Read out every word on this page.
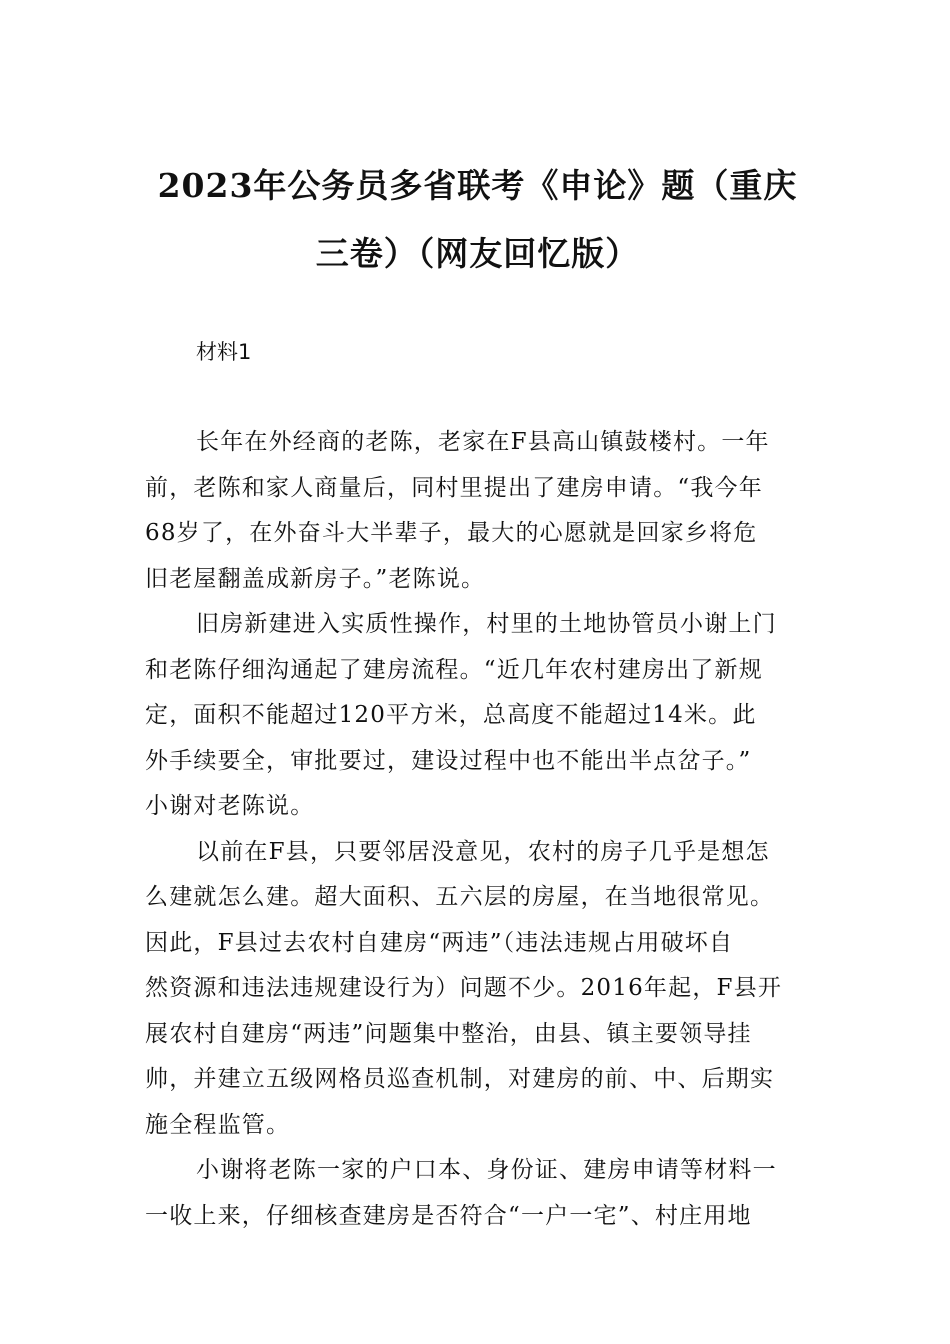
2023年公务员多省联考《申论》题（重庆
三卷）（网友回忆版）
材料1
长年在外经商的老陈，老家在F县高山镇鼓楼村。一年
前，老陈和家人商量后，同村里提出了建房申请。“我今年
68岁了，在外奋斗大半辈子，最大的心愿就是回家乡将危
旧老屋翻盖成新房子。”老陈说。
旧房新建进入实质性操作，村里的土地协管员小谢上门
和老陈仔细沟通起了建房流程。“近几年农村建房出了新规
定，面积不能超过120平方米，总高度不能超过14米。此
外手续要全，审批要过，建设过程中也不能出半点岔子。”
小谢对老陈说。
以前在F县，只要邻居没意见，农村的房子几乎是想怎
么建就怎么建。超大面积、五六层的房屋，在当地很常见。
因此，F县过去农村自建房“两违”（违法违规占用破坏自
然资源和违法违规建设行为）问题不少。2016年起，F县开
展农村自建房“两违”问题集中整治，由县、镇主要领导挂
帅，并建立五级网格员巡查机制，对建房的前、中、后期实
施全程监管。
小谢将老陈一家的户口本、身份证、建房申请等材料一
一收上来，仔细核查建房是否符合“一户一宅”、村庄用地
